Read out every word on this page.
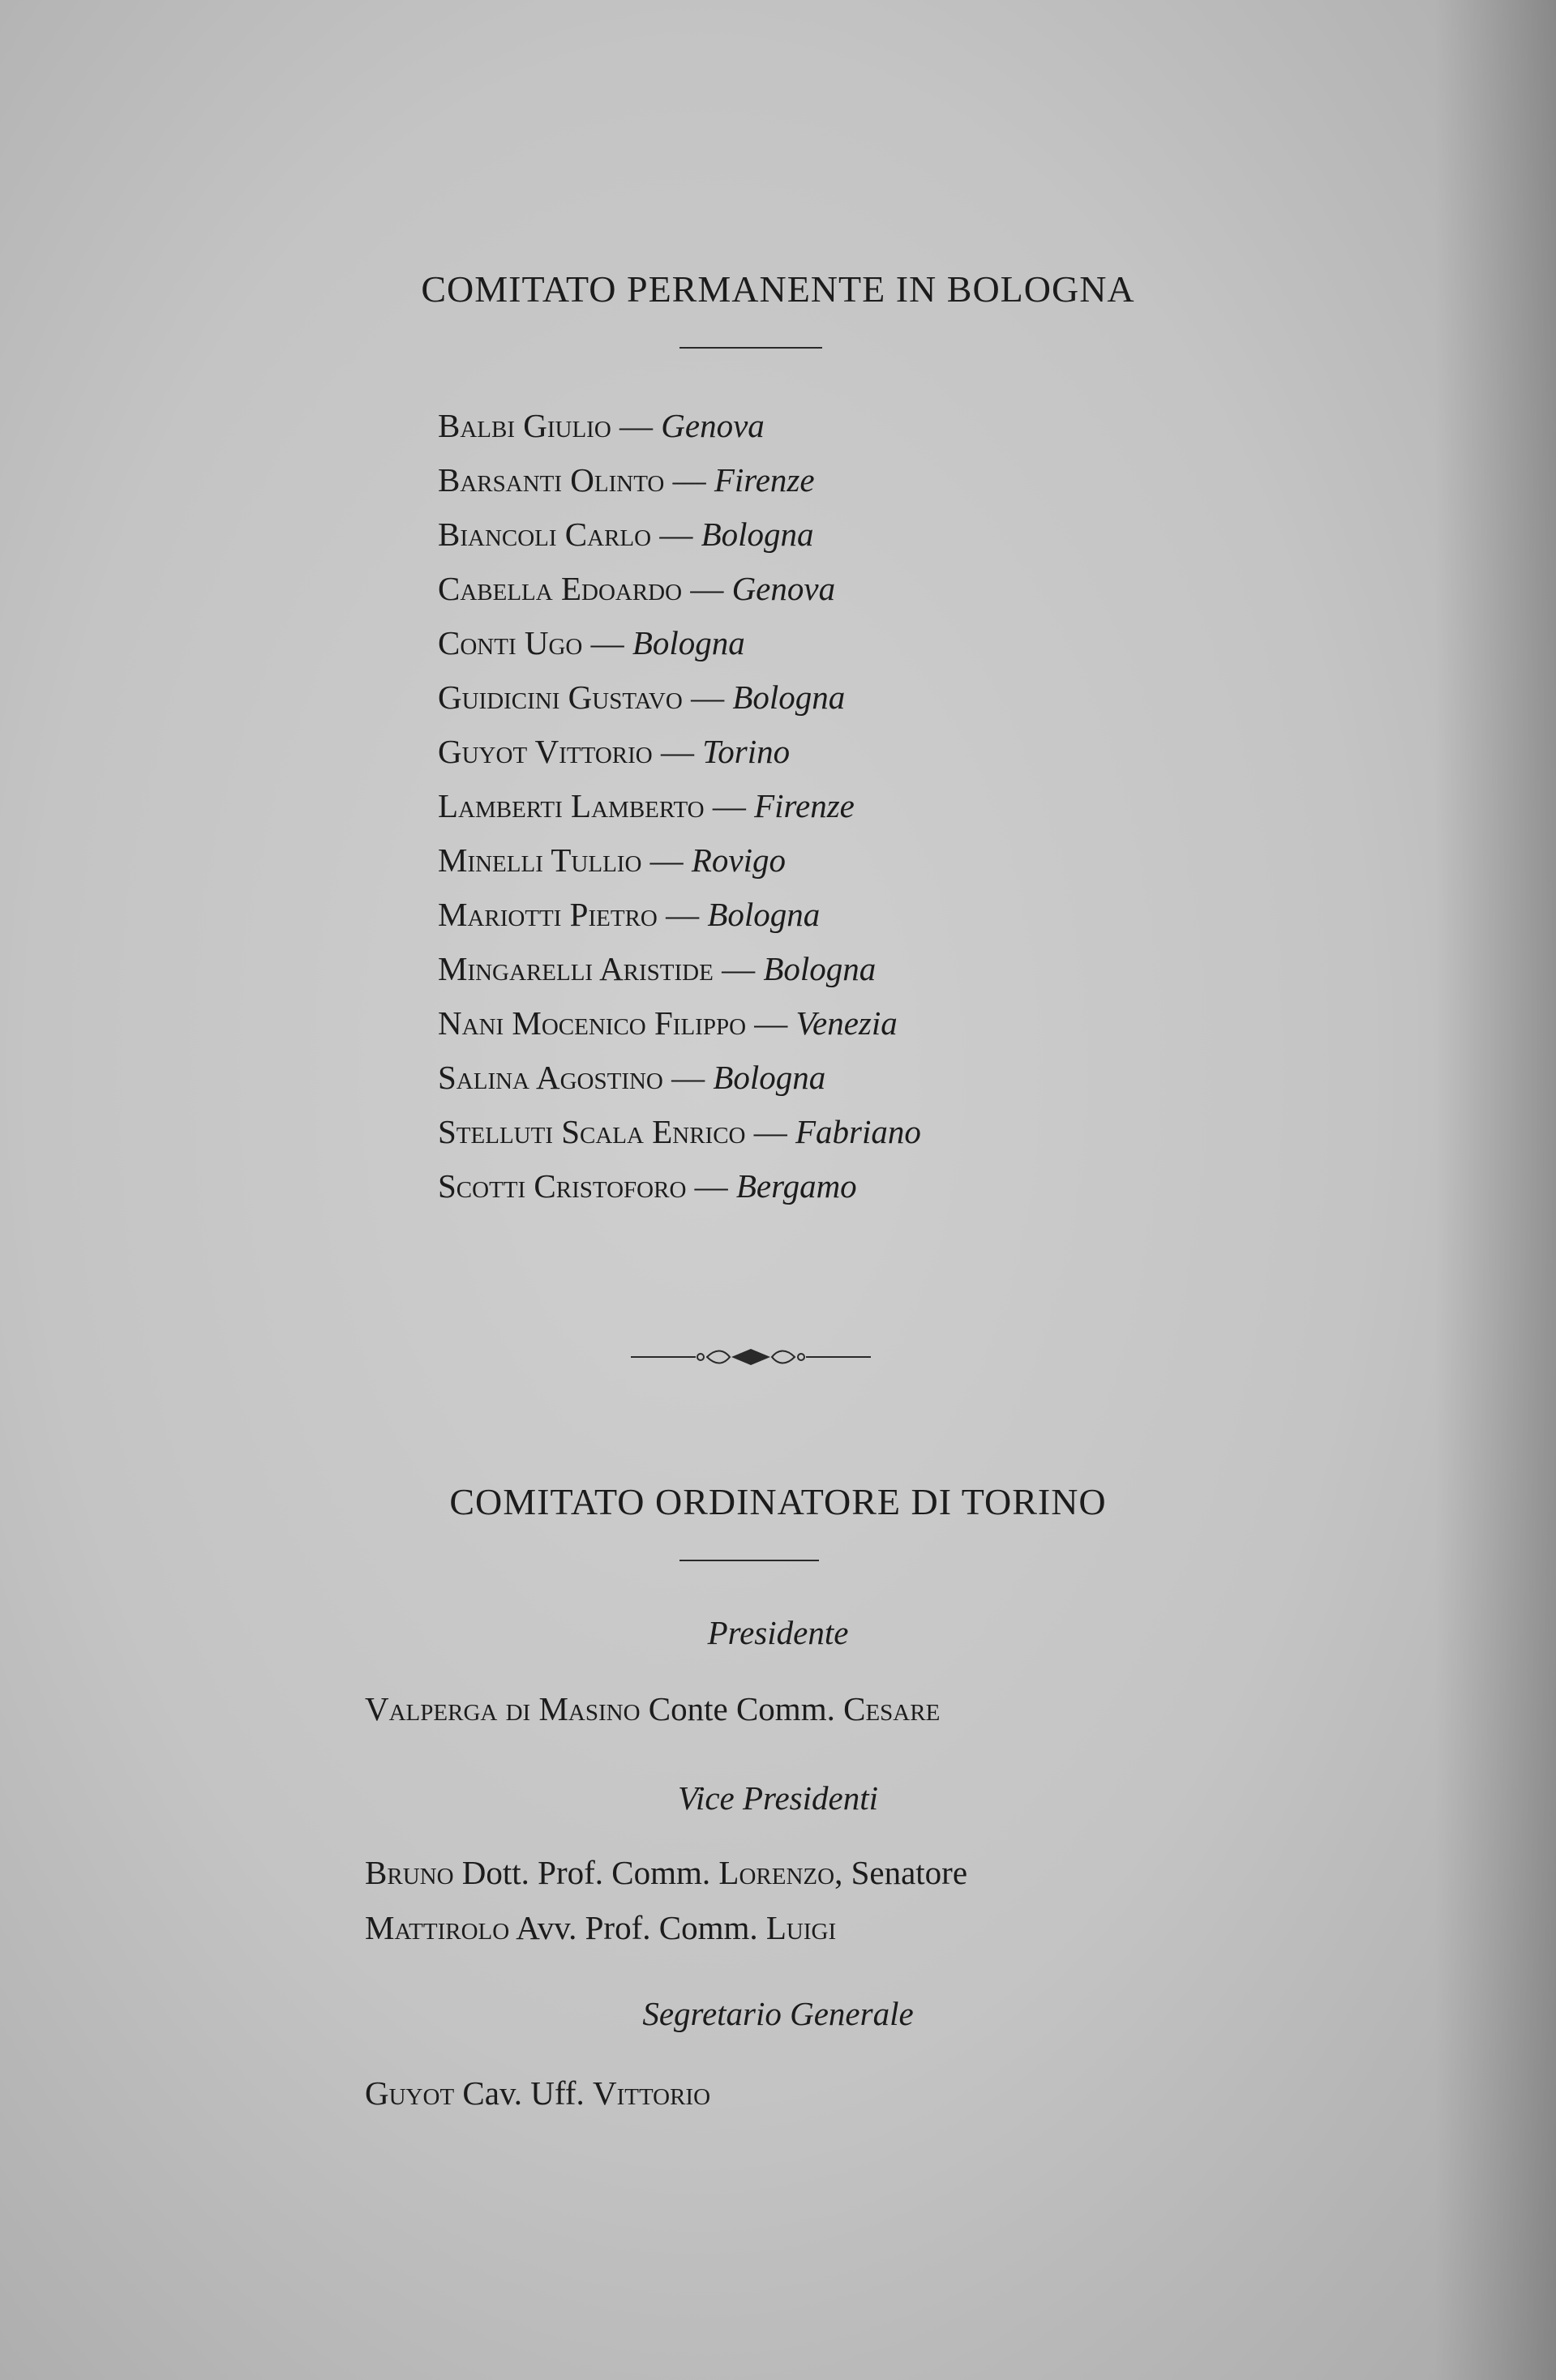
COMITATO PERMANENTE IN BOLOGNA
Balbi Giulio — Genova
Barsanti Olinto — Firenze
Biancoli Carlo — Bologna
Cabella Edoardo — Genova
Conti Ugo — Bologna
Guidicini Gustavo — Bologna
Guyot Vittorio — Torino
Lamberti Lamberto — Firenze
Minelli Tullio — Rovigo
Mariotti Pietro — Bologna
Mingarelli Aristide — Bologna
Nani Mocenico Filippo — Venezia
Salina Agostino — Bologna
Stelluti Scala Enrico — Fabriano
Scotti Cristoforo — Bergamo
COMITATO ORDINATORE DI TORINO
Presidente
Valperga di Masino Conte Comm. Cesare
Vice Presidenti
Bruno Dott. Prof. Comm. Lorenzo, Senatore
Mattirolo Avv. Prof. Comm. Luigi
Segretario Generale
Guyot Cav. Uff. Vittorio
